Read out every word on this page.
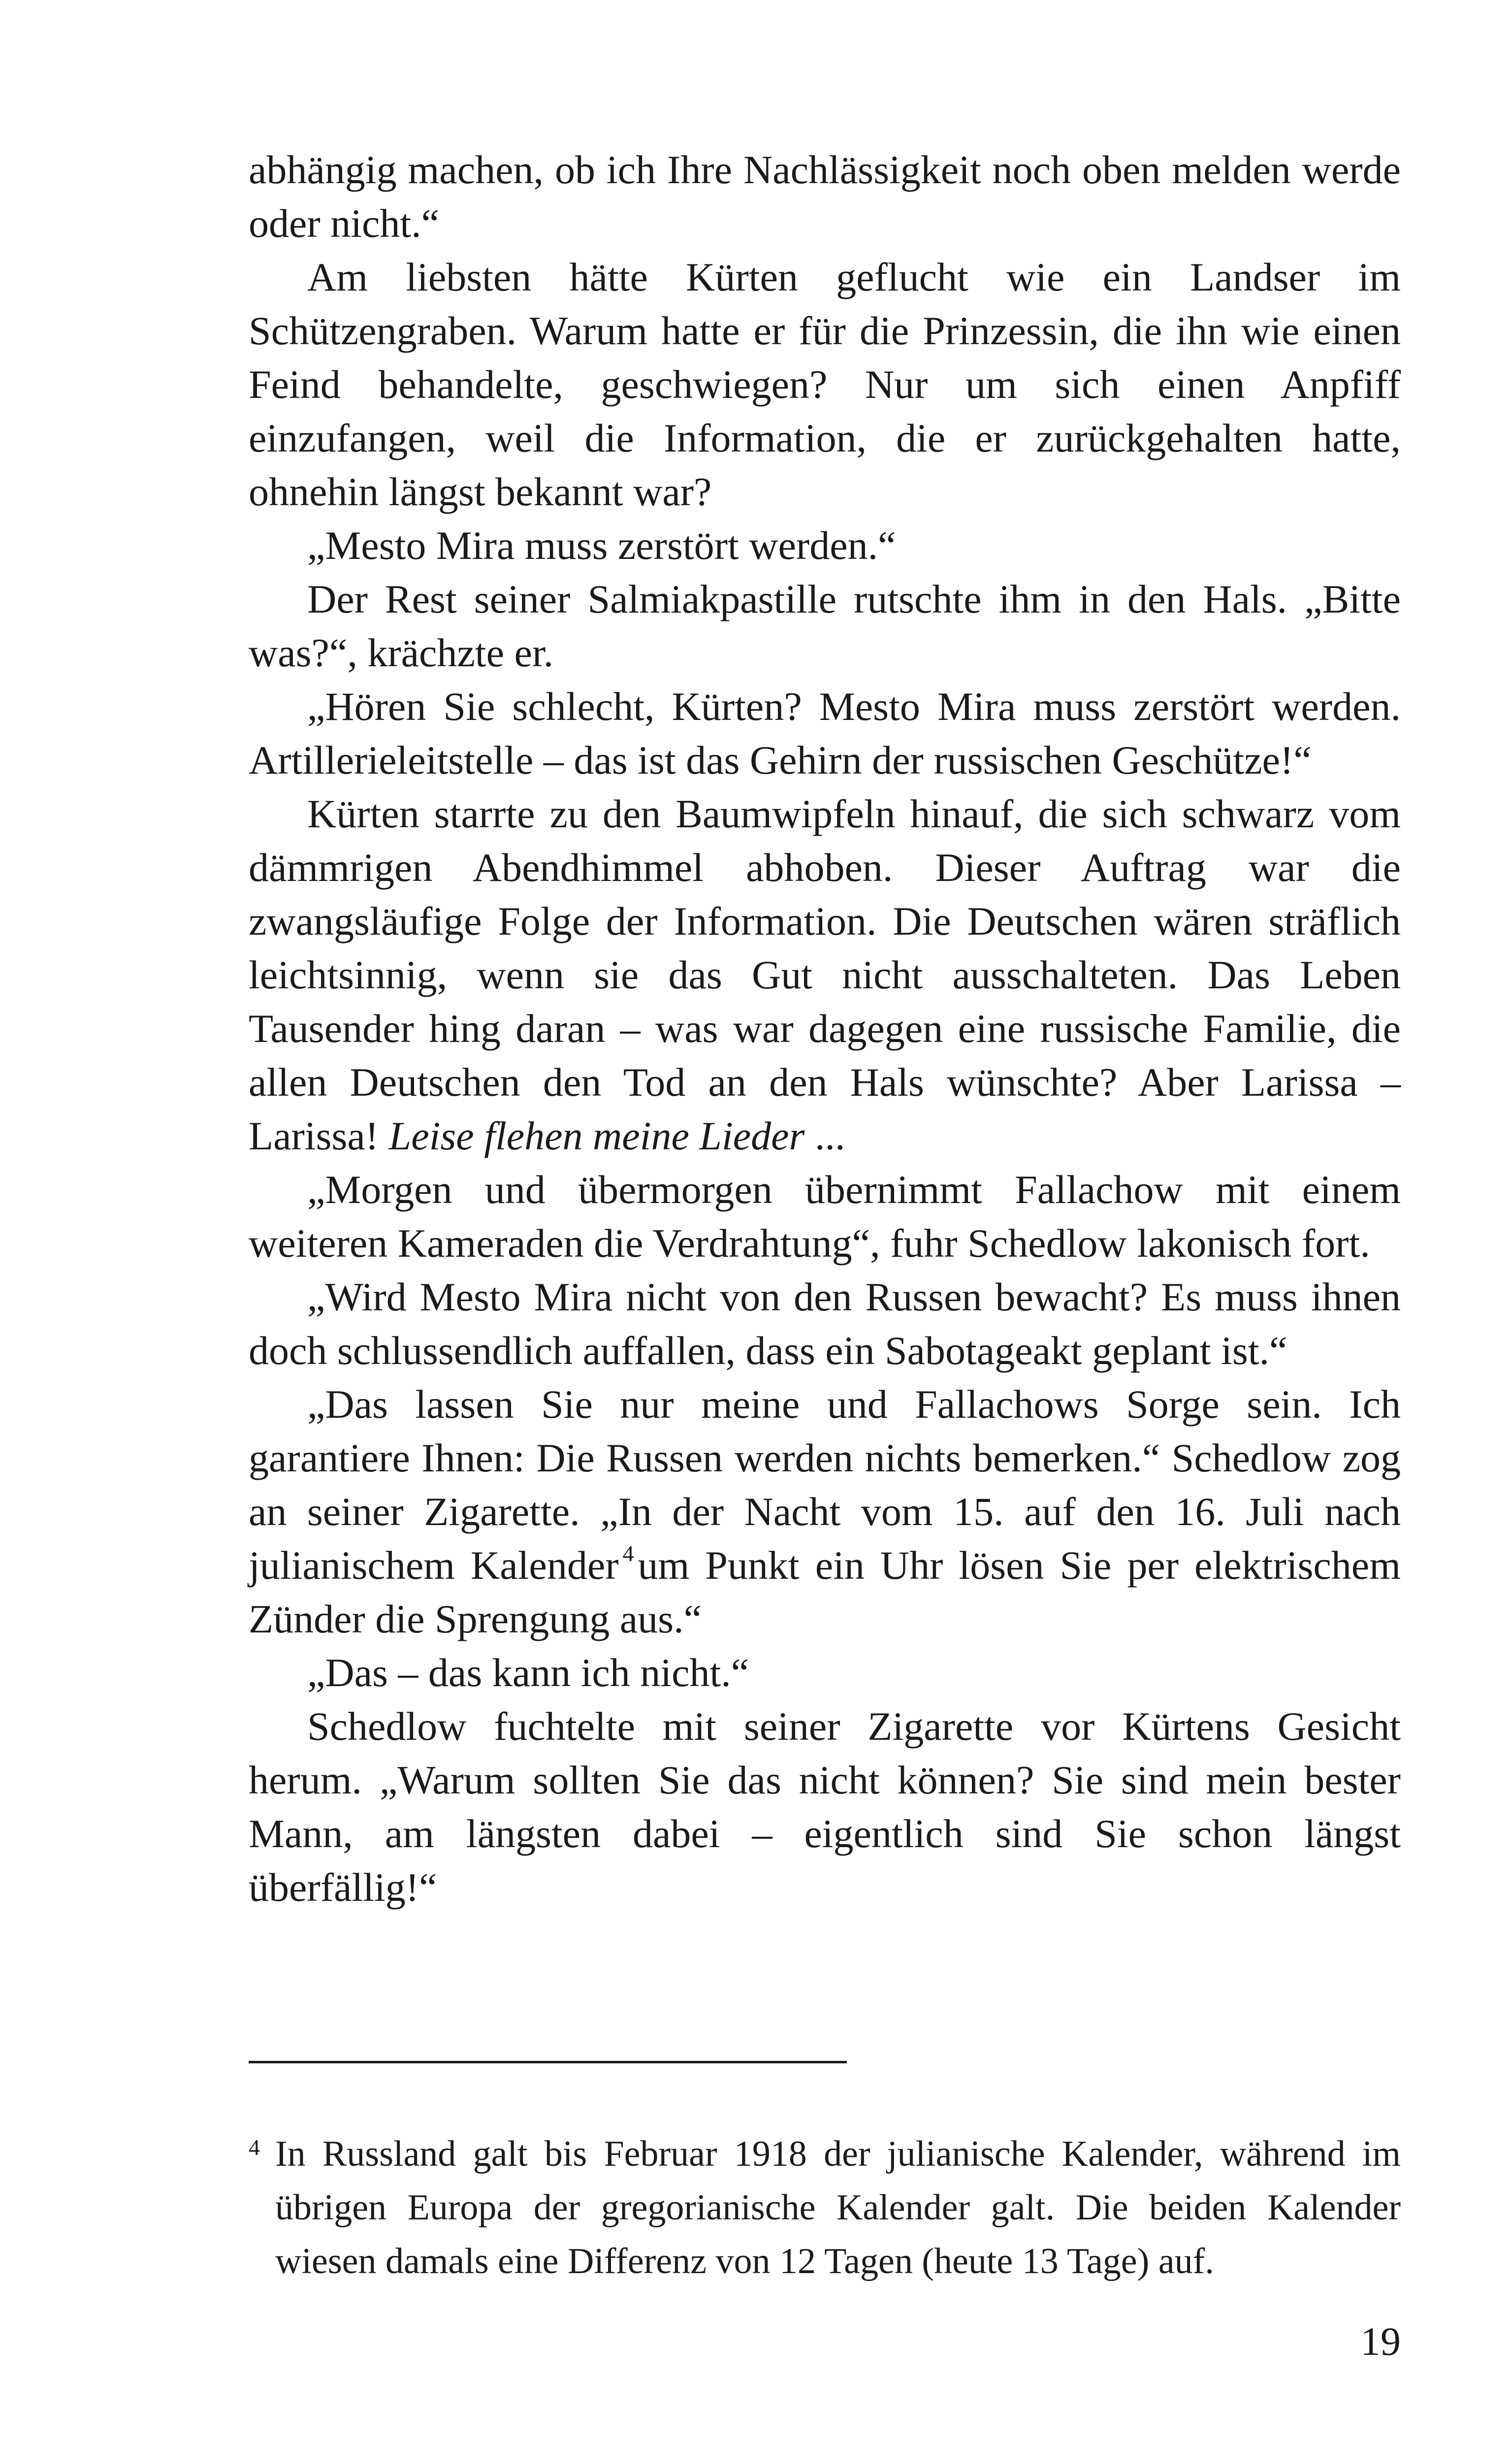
abhängig machen, ob ich Ihre Nachlässigkeit noch oben melden werde oder nicht.“

Am liebsten hätte Kürten geflucht wie ein Landser im Schützengraben. Warum hatte er für die Prinzessin, die ihn wie einen Feind behandelte, geschwiegen? Nur um sich einen Anpfiff einzufangen, weil die Information, die er zurückgehalten hatte, ohnehin längst bekannt war?

„Mesto Mira muss zerstört werden.“

Der Rest seiner Salmiakpastille rutschte ihm in den Hals. „Bitte was?“, krächzte er.

„Hören Sie schlecht, Kürten? Mesto Mira muss zerstört werden. Artillerieleitstelle – das ist das Gehirn der russischen Geschütze!“

Kürten starrte zu den Baumwipfeln hinauf, die sich schwarz vom dämmrigen Abendhimmel abhoben. Dieser Auftrag war die zwangsläufige Folge der Information. Die Deutschen wären sträflich leichtsinnig, wenn sie das Gut nicht ausschalteten. Das Leben Tausender hing daran – was war dagegen eine russische Familie, die allen Deutschen den Tod an den Hals wünschte? Aber Larissa – Larissa! Leise flehen meine Lieder ...

„Morgen und übermorgen übernimmt Fallachow mit einem weiteren Kameraden die Verdrahtung“, fuhr Schedlow lakonisch fort.

„Wird Mesto Mira nicht von den Russen bewacht? Es muss ihnen doch schlussendlich auffallen, dass ein Sabotageakt geplant ist.“

„Das lassen Sie nur meine und Fallachows Sorge sein. Ich garantiere Ihnen: Die Russen werden nichts bemerken.“ Schedlow zog an seiner Zigarette. „In der Nacht vom 15. auf den 16. Juli nach julianischem Kalender $^4$um Punkt ein Uhr lösen Sie per elektrischem Zünder die Sprengung aus.“

„Das – das kann ich nicht.“

Schedlow fuchtelte mit seiner Zigarette vor Kürtens Gesicht herum. „Warum sollten Sie das nicht können? Sie sind mein bester Mann, am längsten dabei – eigentlich sind Sie schon längst überfällig!“

4 In Russland galt bis Februar 1918 der julianische Kalender, während im übrigen Europa der gregorianische Kalender galt. Die beiden Kalender wiesen damals eine Differenz von 12 Tagen (heute 13 Tage) auf.
19
